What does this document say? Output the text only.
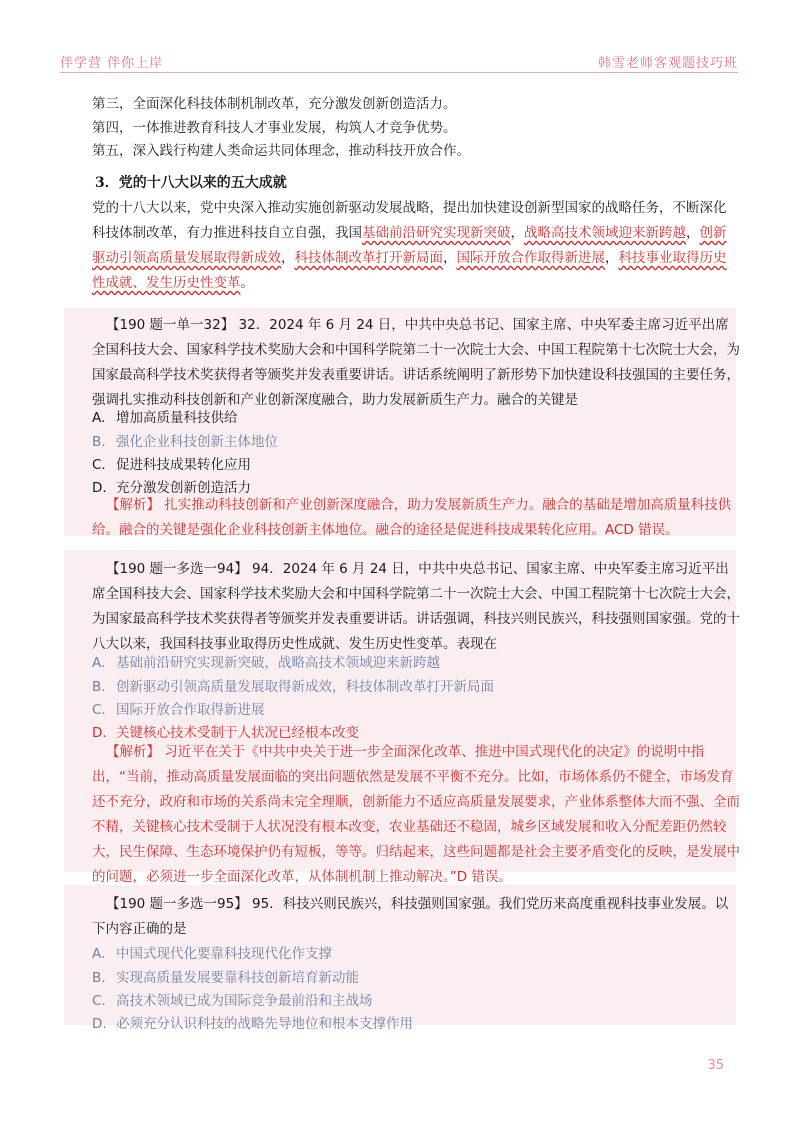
伴学营 伴你上岸	韩雪老师客观题技巧班
第三，全面深化科技体制机制改革，充分激发创新创造活力。
第四，一体推进教育科技人才事业发展，构筑人才竞争优势。
第五，深入践行构建人类命运共同体理念，推动科技开放合作。
3．党的十八大以来的五大成就
党的十八大以来，党中央深入推动实施创新驱动发展战略，提出加快建设创新型国家的战略任务，不断深化科技体制改革，有力推进科技自立自强，我国基础前沿研究实现新突破，战略高技术领域迎来新跨越，创新驱动引领高质量发展取得新成效，科技体制改革打开新局面，国际开放合作取得新进展，科技事业取得历史性成就、发生历史性变革。
【190 题一单一32】 32．2024 年 6 月 24 日，中共中央总书记、国家主席、中央军委主席习近平出席全国科技大会、国家科学技术奖励大会和中国科学院第二十一次院士大会、中国工程院第十七次院士大会，为国家最高科学技术奖获得者等颁奖并发表重要讲话。讲话系统阐明了新形势下加快建设科技强国的主要任务，强调扎实推动科技创新和产业创新深度融合，助力发展新质生产力。融合的关键是
A. 增加高质量科技供给
B. 强化企业科技创新主体地位
C. 促进科技成果转化应用
D. 充分激发创新创造活力
【解析】 扎实推动科技创新和产业创新深度融合，助力发展新质生产力。融合的基础是增加高质量科技供给。融合的关键是强化企业科技创新主体地位。融合的途径是促进科技成果转化应用。ACD 错误。
【190 题一多选一94】 94．2024 年 6 月 24 日，中共中央总书记、国家主席、中央军委主席习近平出席全国科技大会、国家科学技术奖励大会和中国科学院第二十一次院士大会、中国工程院第十七次院士大会，为国家最高科学技术奖获得者等颁奖并发表重要讲话。讲话强调，科技兴则民族兴，科技强则国家强。党的十八大以来，我国科技事业取得历史性成就、发生历史性变革。表现在
A. 基础前沿研究实现新突破，战略高技术领域迎来新跨越
B. 创新驱动引领高质量发展取得新成效，科技体制改革打开新局面
C. 国际开放合作取得新进展
D. 关键核心技术受制于人状况已经根本改变
【解析】 习近平在关于《中共中央关于进一步全面深化改革、推进中国式现代化的决定》的说明中指出，“当前，推动高质量发展面临的突出问题依然是发展不平衡不充分。比如，市场体系仍不健全，市场发育还不充分，政府和市场的关系尚未完全理顺，创新能力不适应高质量发展要求，产业体系整体大而不强、全而不精，关键核心技术受制于人状况没有根本改变，农业基础还不稳固，城乡区域发展和收入分配差距仍然较大，民生保障、生态环境保护仍有短板，等等。归结起来，这些问题都是社会主要矛盾变化的反映，是发展中的问题，必须进一步全面深化改革，从体制机制上推动解决。”D 错误。
【190 题一多选一95】 95．科技兴则民族兴，科技强则国家强。我们党历来高度重视科技事业发展。以下内容正确的是
A. 中国式现代化要靠科技现代化作支撑
B. 实现高质量发展要靠科技创新培育新动能
C. 高技术领域已成为国际竞争最前沿和主战场
D. 必须充分认识科技的战略先导地位和根本支撑作用
35
